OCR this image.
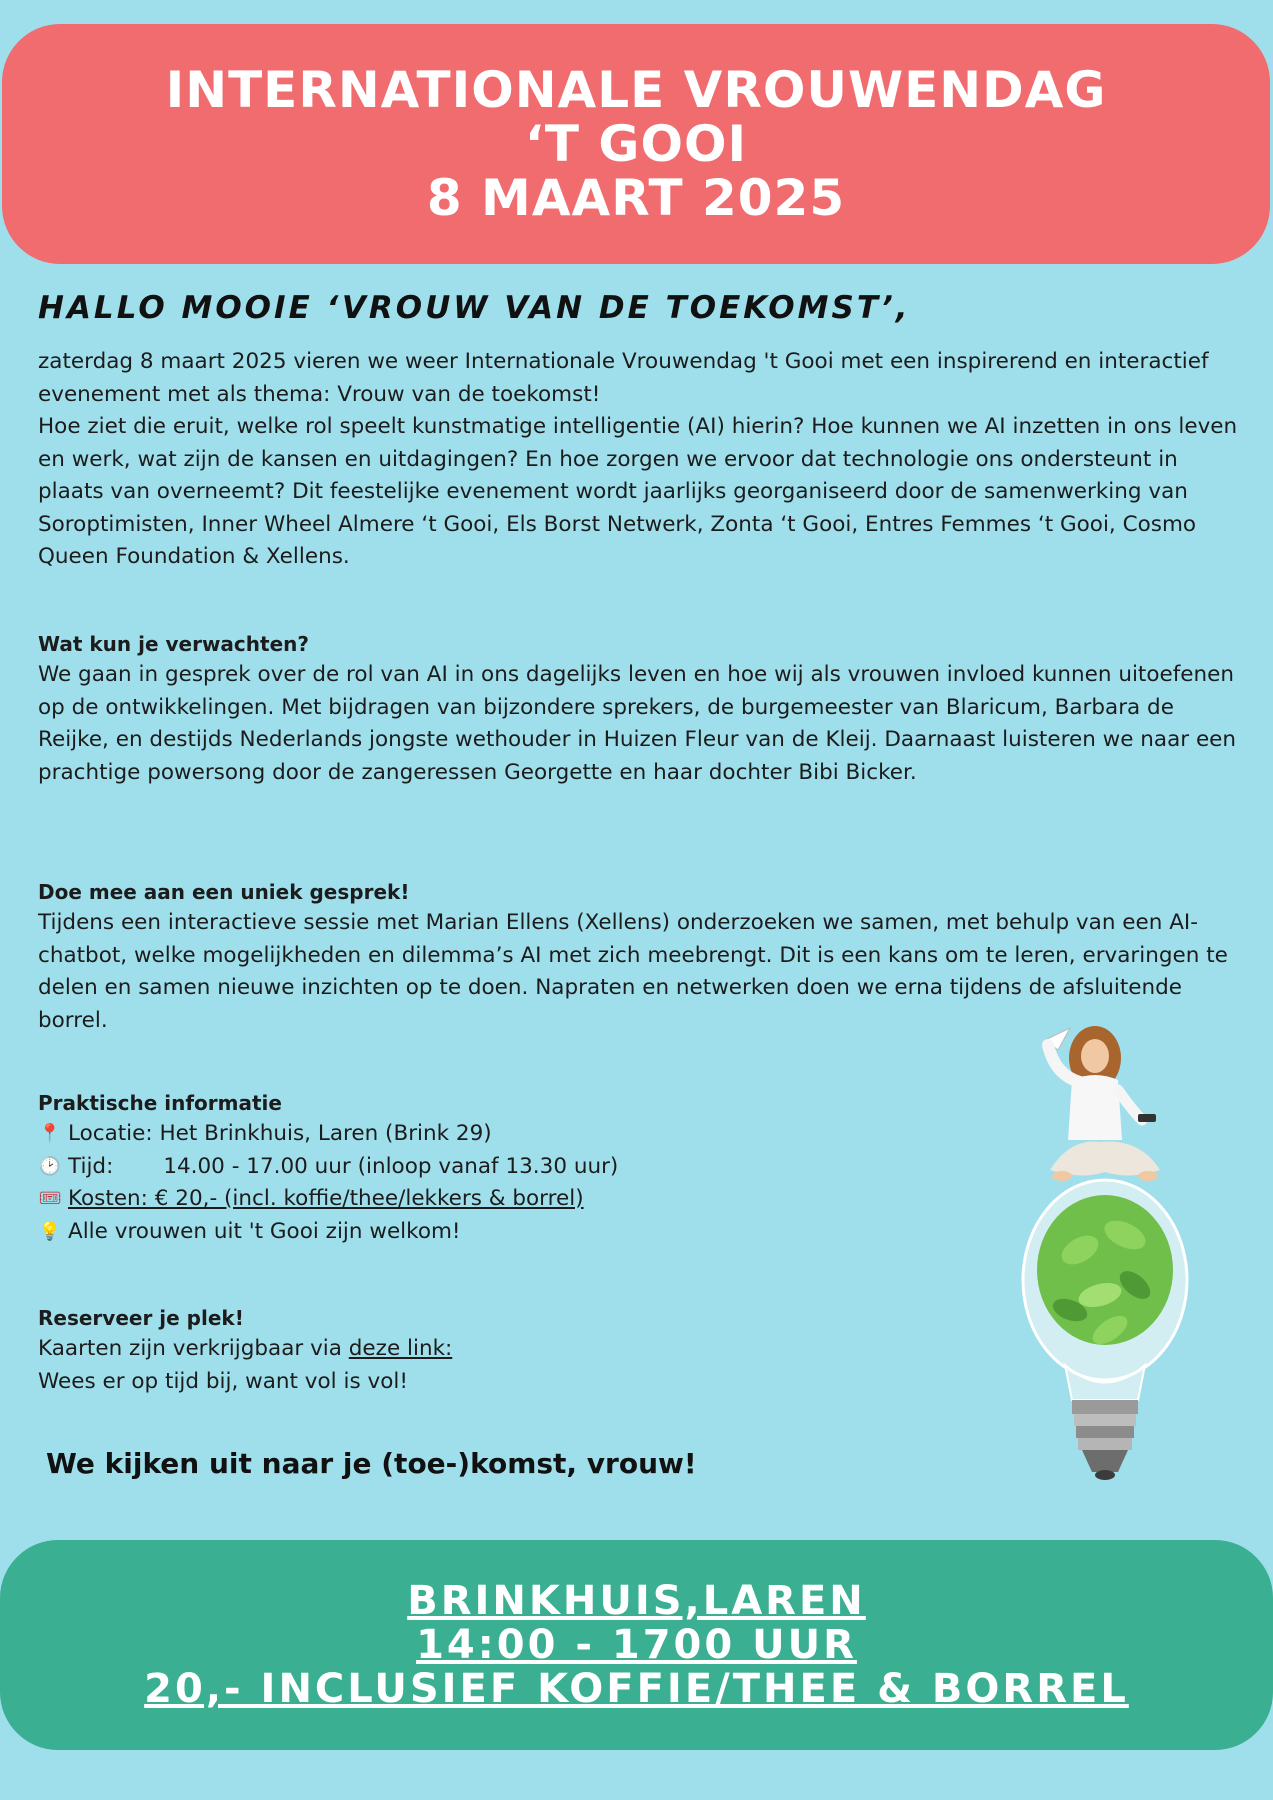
INTERNATIONALE VROUWENDAG
‘T GOOI
8 MAART 2025
HALLO MOOIE ‘VROUW VAN DE TOEKOMST’,

zaterdag 8 maart 2025 vieren we weer Internationale Vrouwendag 't Gooi met een inspirerend en interactief evenement met als thema: Vrouw van de toekomst!

Hoe ziet die eruit, welke rol speelt kunstmatige intelligentie (AI) hierin? Hoe kunnen we AI inzetten in ons leven en werk, wat zijn de kansen en uitdagingen? En hoe zorgen we ervoor dat technologie ons ondersteunt in plaats van overneemt? Dit feestelijke evenement wordt jaarlijks georganiseerd door de samenwerking van Soroptimisten, Inner Wheel Almere ‘t Gooi, Els Borst Netwerk, Zonta ‘t Gooi, Entres Femmes ‘t Gooi, Cosmo Queen Foundation & Xellens.

Wat kun je verwachten?

We gaan in gesprek over de rol van AI in ons dagelijks leven en hoe wij als vrouwen invloed kunnen uitoefenen op de ontwikkelingen. Met bijdragen van bijzondere sprekers, de burgemeester van Blaricum, Barbara de Reijke, en destijds Nederlands jongste wethouder in Huizen Fleur van de Kleij. Daarnaast luisteren we naar een prachtige powersong door de zangeressen Georgette en haar dochter Bibi Bicker.

Doe mee aan een uniek gesprek!

Tijdens een interactieve sessie met Marian Ellens (Xellens) onderzoeken we samen, met behulp van een AI-chatbot, welke mogelijkheden en dilemma’s AI met zich meebrengt. Dit is een kans om te leren, ervaringen te delen en samen nieuwe inzichten op te doen. Napraten en netwerken doen we erna tijdens de afsluitende borrel.

Praktische informatie

📍 Locatie: Het Brinkhuis, Laren (Brink 29)
🕑 Tijd: 14.00 - 17.00 uur (inloop vanaf 13.30 uur)
🎟 Kosten: € 20,- (incl. koffie/thee/lekkers & borrel)
💡 Alle vrouwen uit 't Gooi zijn welkom!

Reserveer je plek!

Kaarten zijn verkrijgbaar via deze link:

Wees er op tijd bij, want vol is vol!

We kijken uit naar je (toe-)komst, vrouw!
BRINKHUIS,LAREN
14:00 - 1700 UUR
20,- INCLUSIEF KOFFIE/THEE & BORREL
